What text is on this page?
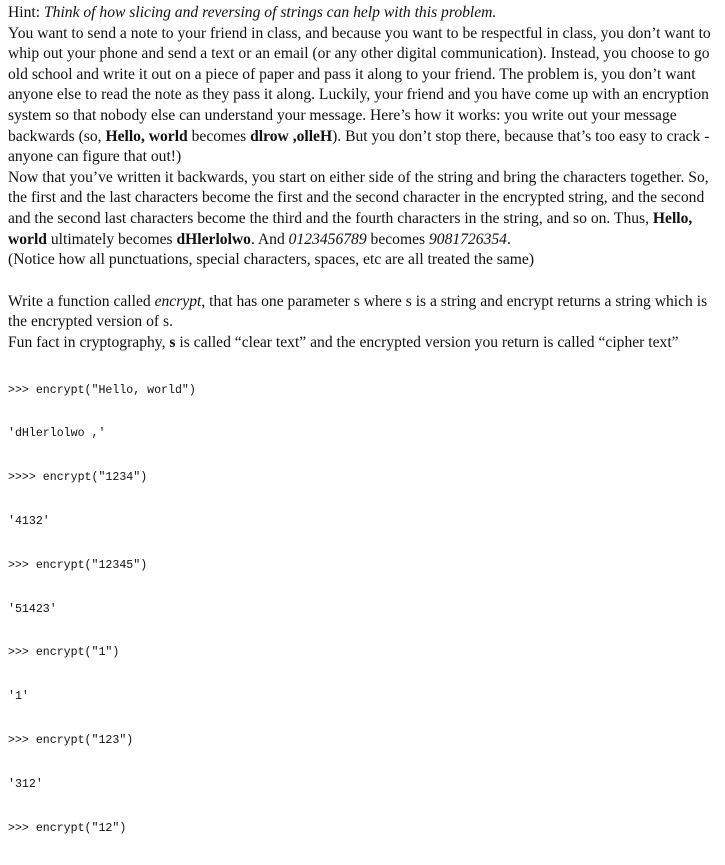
Hint: Think of how slicing and reversing of strings can help with this problem.

You want to send a note to your friend in class, and because you want to be respectful in class, you don’t want to whip out your phone and send a text or an email (or any other digital communication). Instead, you choose to go old school and write it out on a piece of paper and pass it along to your friend. The problem is, you don’t want anyone else to read the note as they pass it along. Luckily, your friend and you have come up with an encryption system so that nobody else can understand your message. Here’s how it works: you write out your message backwards (so, Hello, world becomes dlrow ,olleH). But you don’t stop there, because that’s too easy to crack - anyone can figure that out!)

Now that you’ve written it backwards, you start on either side of the string and bring the characters together. So, the first and the last characters become the first and the second character in the encrypted string, and the second and the second last characters become the third and the fourth characters in the string, and so on. Thus, Hello, world ultimately becomes dHlerlolwo. And 0123456789 becomes 9081726354.

(Notice how all punctuations, special characters, spaces, etc are all treated the same)

Write a function called encrypt, that has one parameter s where s is a string and encrypt returns a string which is the encrypted version of s.

Fun fact in cryptography, s is called “clear text” and the encrypted version you return is called “cipher text”

>>> encrypt("Hello, world")

'dHlerlolwo ,'

>>>> encrypt("1234")

'4132'

>>> encrypt("12345")

'51423'

>>> encrypt("1")

'1'

>>> encrypt("123")

'312'

>>> encrypt("12")
